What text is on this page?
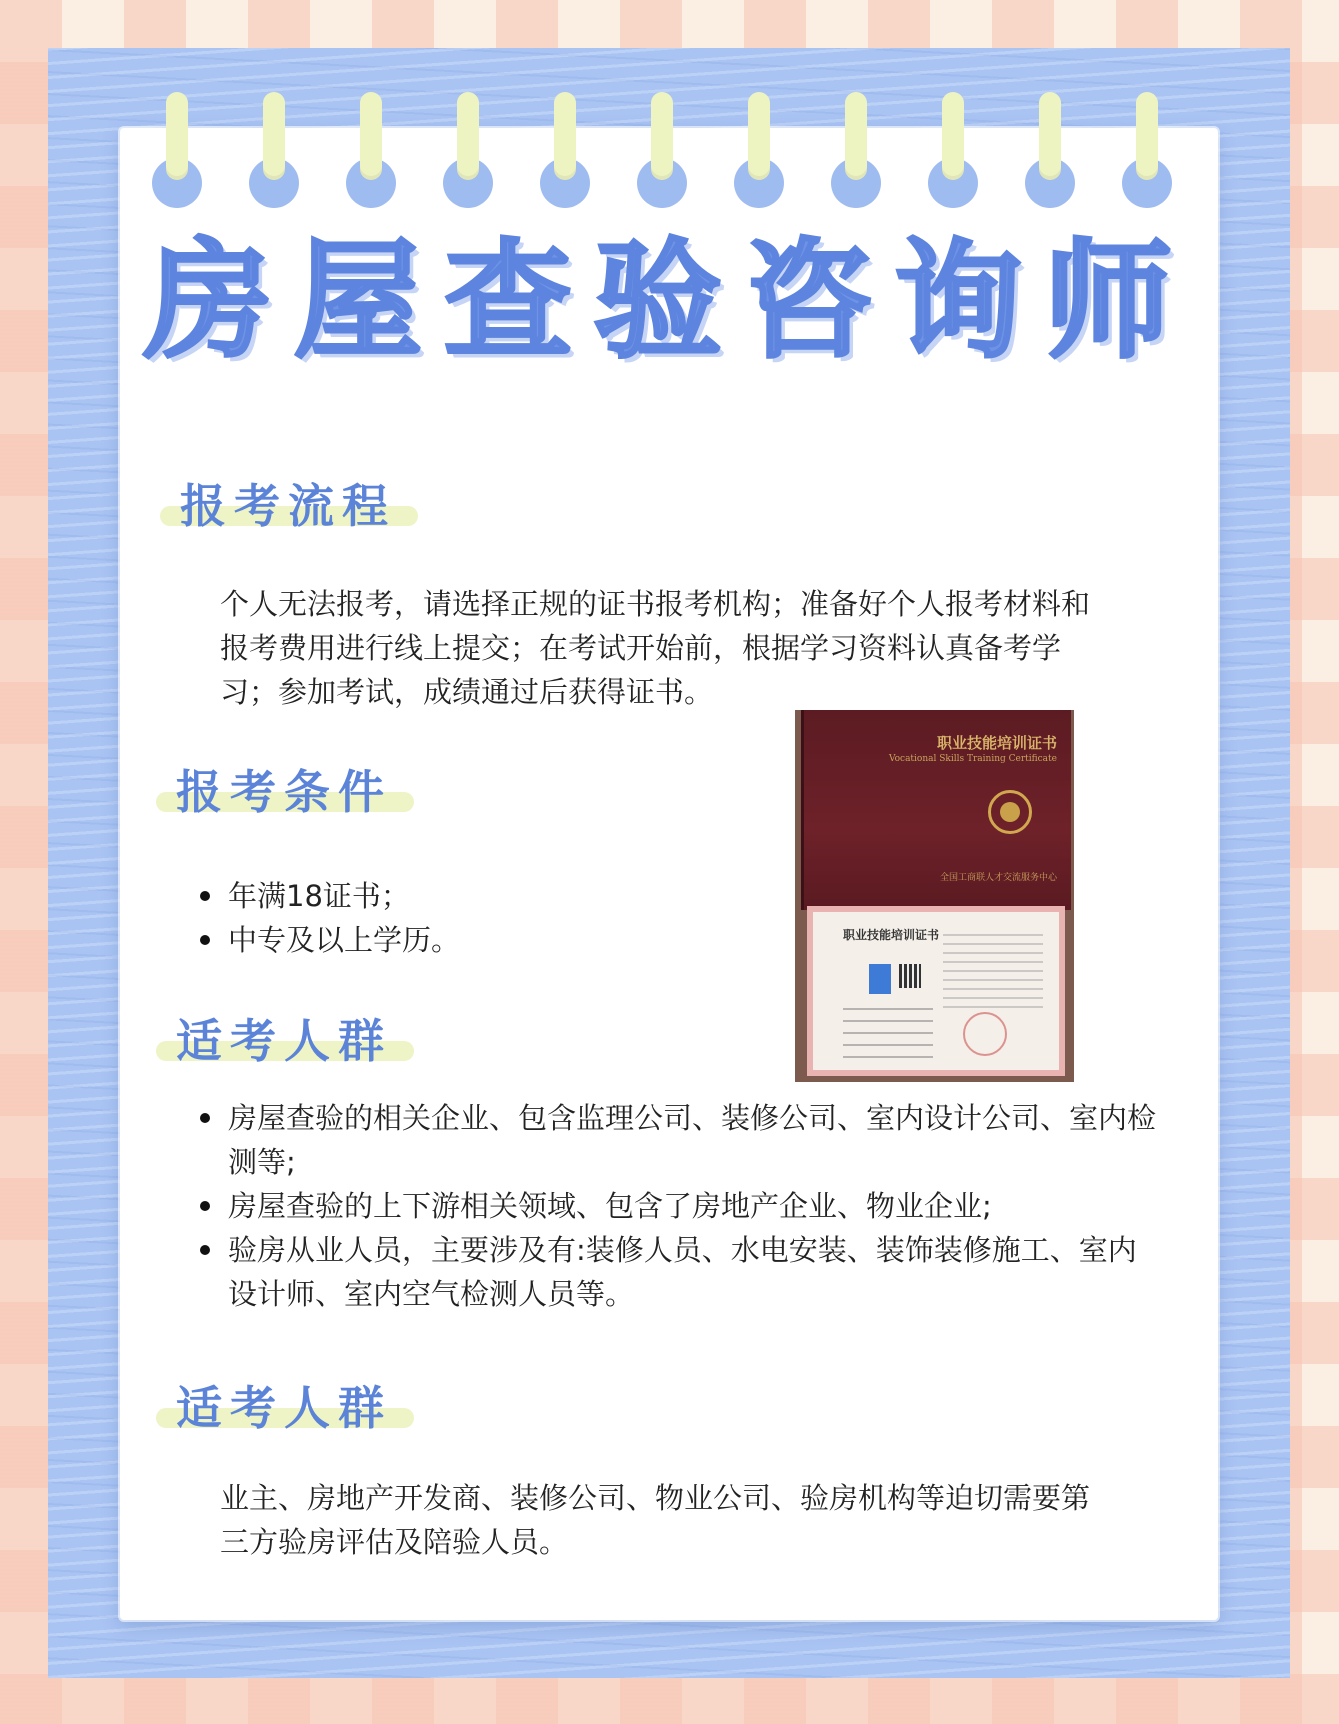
房屋查验咨询师
报考流程
个人无法报考，请选择正规的证书报考机构；准备好个人报考材料和
报考费用进行线上提交；在考试开始前，根据学习资料认真备考学
习；参加考试，成绩通过后获得证书。
报考条件
年满18证书；
中专及以上学历。
职业技能培训证书
Vocational Skills Training Certificate
全国工商联人才交流服务中心
职业技能培训证书
适考人群
房屋查验的相关企业、包含监理公司、装修公司、室内设计公司、室内检测等;
房屋查验的上下游相关领域、包含了房地产企业、物业企业;
验房从业人员，主要涉及有:装修人员、水电安装、装饰装修施工、室内设计师、室内空气检测人员等。
适考人群
业主、房地产开发商、装修公司、物业公司、验房机构等迫切需要第
三方验房评估及陪验人员。
